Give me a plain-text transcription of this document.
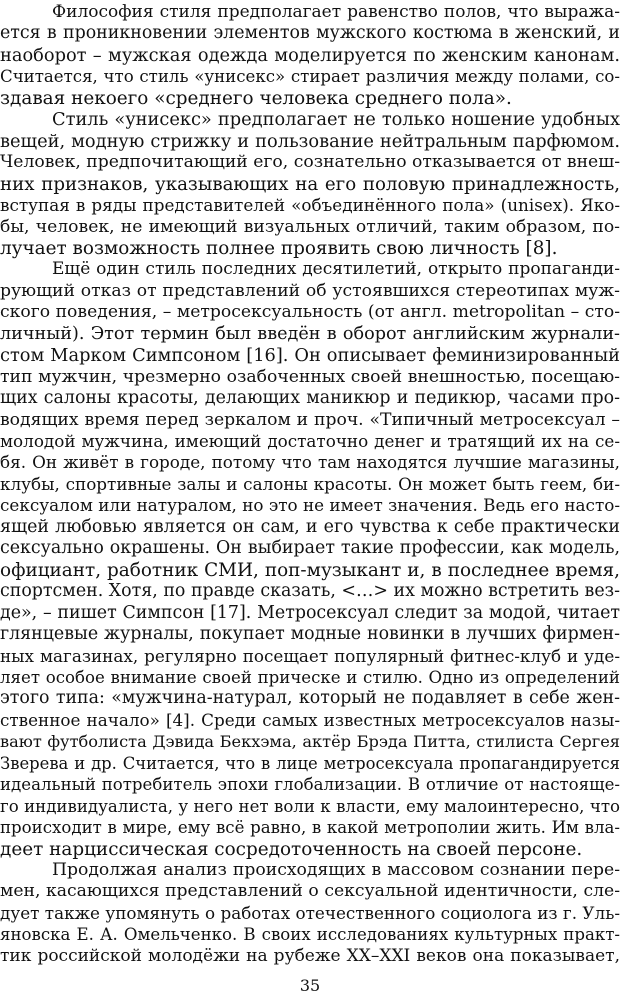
Философия стиля предполагает равенство полов, что выража-
ется в проникновении элементов мужского костюма в женский, и
наоборот – мужская одежда моделируется по женским канонам.
Считается, что стиль «унисекс» стирает различия между полами, со-
здавая некоего «среднего человека среднего пола».
Стиль «унисекс» предполагает не только ношение удобных
вещей, модную стрижку и пользование нейтральным парфюмом.
Человек, предпочитающий его, сознательно отказывается от внеш-
них признаков, указывающих на его половую принадлежность,
вступая в ряды представителей «объединённого пола» (unisex). Яко-
бы, человек, не имеющий визуальных отличий, таким образом, по-
лучает возможность полнее проявить свою личность [8].
Ещё один стиль последних десятилетий, открыто пропаганди-
рующий отказ от представлений об устоявшихся стереотипах муж-
ского поведения, – метросексуальность (от англ. metropolitan – сто-
личный). Этот термин был введён в оборот английским журнали-
стом Марком Симпсоном [16]. Он описывает феминизированный
тип мужчин, чрезмерно озабоченных своей внешностью, посещаю-
щих салоны красоты, делающих маникюр и педикюр, часами про-
водящих время перед зеркалом и проч. «Типичный метросексуал –
молодой мужчина, имеющий достаточно денег и тратящий их на се-
бя. Он живёт в городе, потому что там находятся лучшие магазины,
клубы, спортивные залы и салоны красоты. Он может быть геем, би-
сексуалом или натуралом, но это не имеет значения. Ведь его насто-
ящей любовью является он сам, и его чувства к себе практически
сексуально окрашены. Он выбирает такие профессии, как модель,
официант, работник СМИ, поп-музыкант и, в последнее время,
спортсмен. Хотя, по правде сказать, <…> их можно встретить вез-
де», – пишет Симпсон [17]. Метросексуал следит за модой, читает
глянцевые журналы, покупает модные новинки в лучших фирмен-
ных магазинах, регулярно посещает популярный фитнес-клуб и уде-
ляет особое внимание своей прическе и стилю. Одно из определений
этого типа: «мужчина-натурал, который не подавляет в себе жен-
ственное начало» [4]. Среди самых известных метросексуалов назы-
вают футболиста Дэвида Бекхэма, актёр Брэда Питта, стилиста Сергея
Зверева и др. Считается, что в лице метросексуала пропагандируется
идеальный потребитель эпохи глобализации. В отличие от настояще-
го индивидуалиста, у него нет воли к власти, ему малоинтересно, что
происходит в мире, ему всё равно, в какой метрополии жить. Им вла-
деет нарциссическая сосредоточенность на своей персоне.
Продолжая анализ происходящих в массовом сознании пере-
мен, касающихся представлений о сексуальной идентичности, сле-
дует также упомянуть о работах отечественного социолога из г. Уль-
яновска Е. А. Омельченко. В своих исследованиях культурных практ-
тик российской молодёжи на рубеже XX–XXI веков она показывает,
35
